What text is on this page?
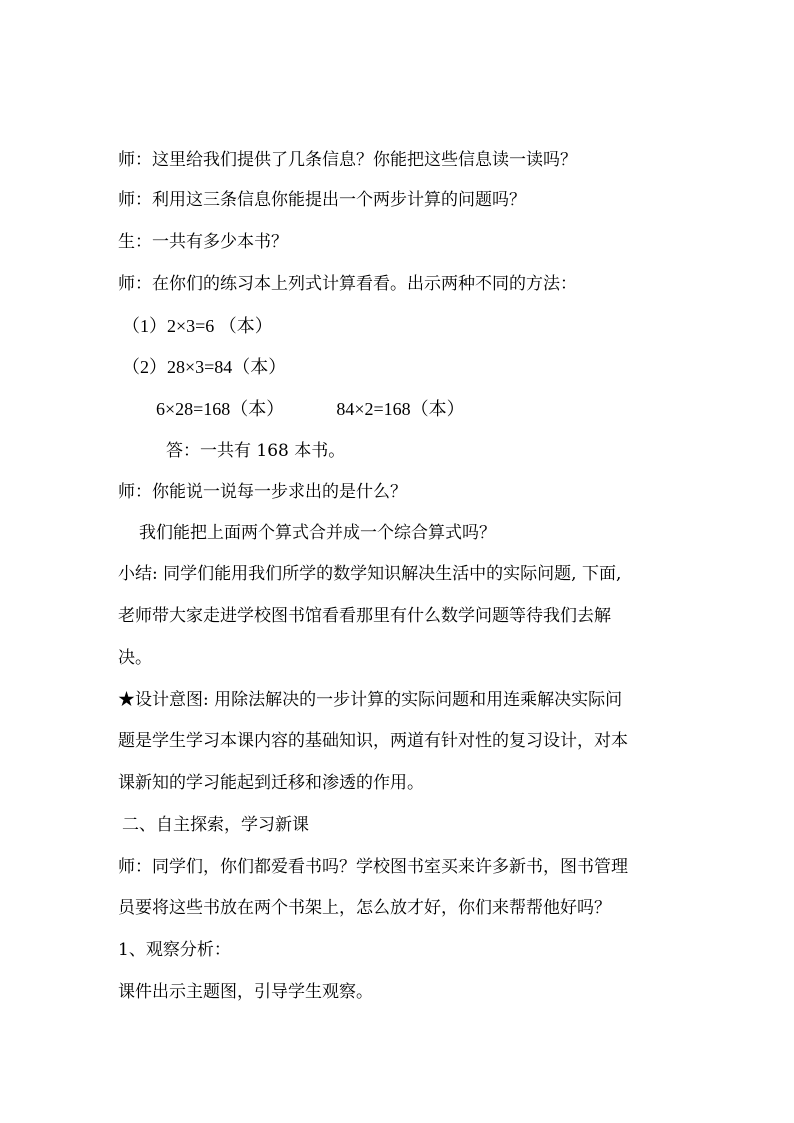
师：这里给我们提供了几条信息？你能把这些信息读一读吗？
师：利用这三条信息你能提出一个两步计算的问题吗？
生：一共有多少本书？
师：在你们的练习本上列式计算看看。出示两种不同的方法：
（1）2×3=6 （本）
（2）28×3=84（本）
6×28=168（本）	84×2=168（本）
答：一共有 168 本书。
师：你能说一说每一步求出的是什么？
我们能把上面两个算式合并成一个综合算式吗？
小结: 同学们能用我们所学的数学知识解决生活中的实际问题, 下面,
老师带大家走进学校图书馆看看那里有什么数学问题等待我们去解
决。
★设计意图: 用除法解决的一步计算的实际问题和用连乘解决实际问
题是学生学习本课内容的基础知识，两道有针对性的复习设计，对本
课新知的学习能起到迁移和渗透的作用。
二、自主探索，学习新课
师：同学们，你们都爱看书吗？学校图书室买来许多新书，图书管理
员要将这些书放在两个书架上，怎么放才好，你们来帮帮他好吗？
1、观察分析：
课件出示主题图，引导学生观察。
